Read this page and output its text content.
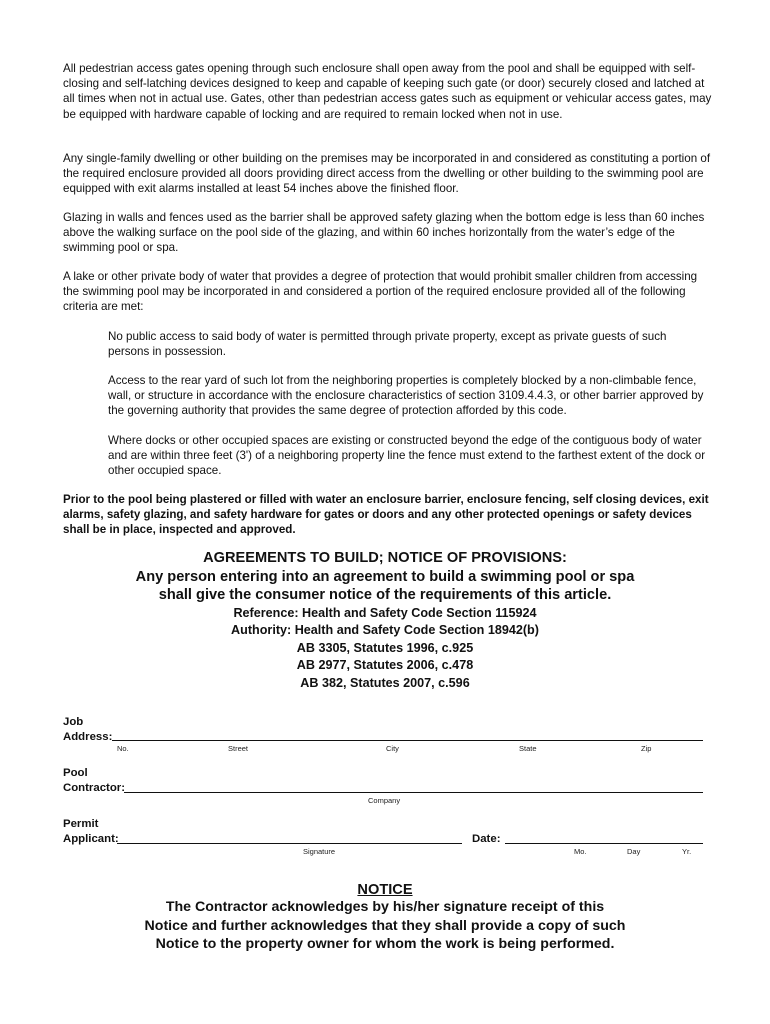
All pedestrian access gates opening through such enclosure shall open away from the pool and shall be equipped with self-closing and self-latching devices designed to keep and capable of keeping such gate (or door) securely closed and latched at all times when not in actual use. Gates, other than pedestrian access gates such as equipment or vehicular access gates, may be equipped with hardware capable of locking and are required to remain locked when not in use.

Any single-family dwelling or other building on the premises may be incorporated in and considered as constituting a portion of the required enclosure provided all doors providing direct access from the dwelling or other building to the swimming pool are equipped with exit alarms installed at least 54 inches above the finished floor.

Glazing in walls and fences used as the barrier shall be approved safety glazing when the bottom edge is less than 60 inches above the walking surface on the pool side of the glazing, and within 60 inches horizontally from the water’s edge of the swimming pool or spa.

A lake or other private body of water that provides a degree of protection that would prohibit smaller children from accessing the swimming pool may be incorporated in and considered a portion of the required enclosure provided all of the following criteria are met:

No public access to said body of water is permitted through private property, except as private guests of such persons in possession.

Access to the rear yard of such lot from the neighboring properties is completely blocked by a non-climbable fence, wall, or structure in accordance with the enclosure characteristics of section 3109.4.4.3, or other barrier approved by the governing authority that provides the same degree of protection afforded by this code.

Where docks or other occupied spaces are existing or constructed beyond the edge of the contiguous body of water and are within three feet (3') of a neighboring property line the fence must extend to the farthest extent of the dock or other occupied space.

Prior to the pool being plastered or filled with water an enclosure barrier, enclosure fencing, self closing devices, exit alarms, safety glazing, and safety hardware for gates or doors and any other protected openings or safety devices shall be in place, inspected and approved.

AGREEMENTS TO BUILD; NOTICE OF PROVISIONS:
Any person entering into an agreement to build a swimming pool or spa
shall give the consumer notice of the requirements of this article.
Reference: Health and Safety Code Section 115924
Authority: Health and Safety Code Section 18942(b)
AB 3305, Statutes 1996, c.925
AB 2977, Statutes 2006, c.478
AB 382, Statutes 2007, c.596
Job
Address:
No.	Street	City	State	Zip
Pool
Contractor:
Company
Permit
Applicant:
Signature
Date:
Mo.	Day	Yr.
NOTICE
The Contractor acknowledges by his/her signature receipt of this
Notice and further acknowledges that they shall provide a copy of such
Notice to the property owner for whom the work is being performed.
